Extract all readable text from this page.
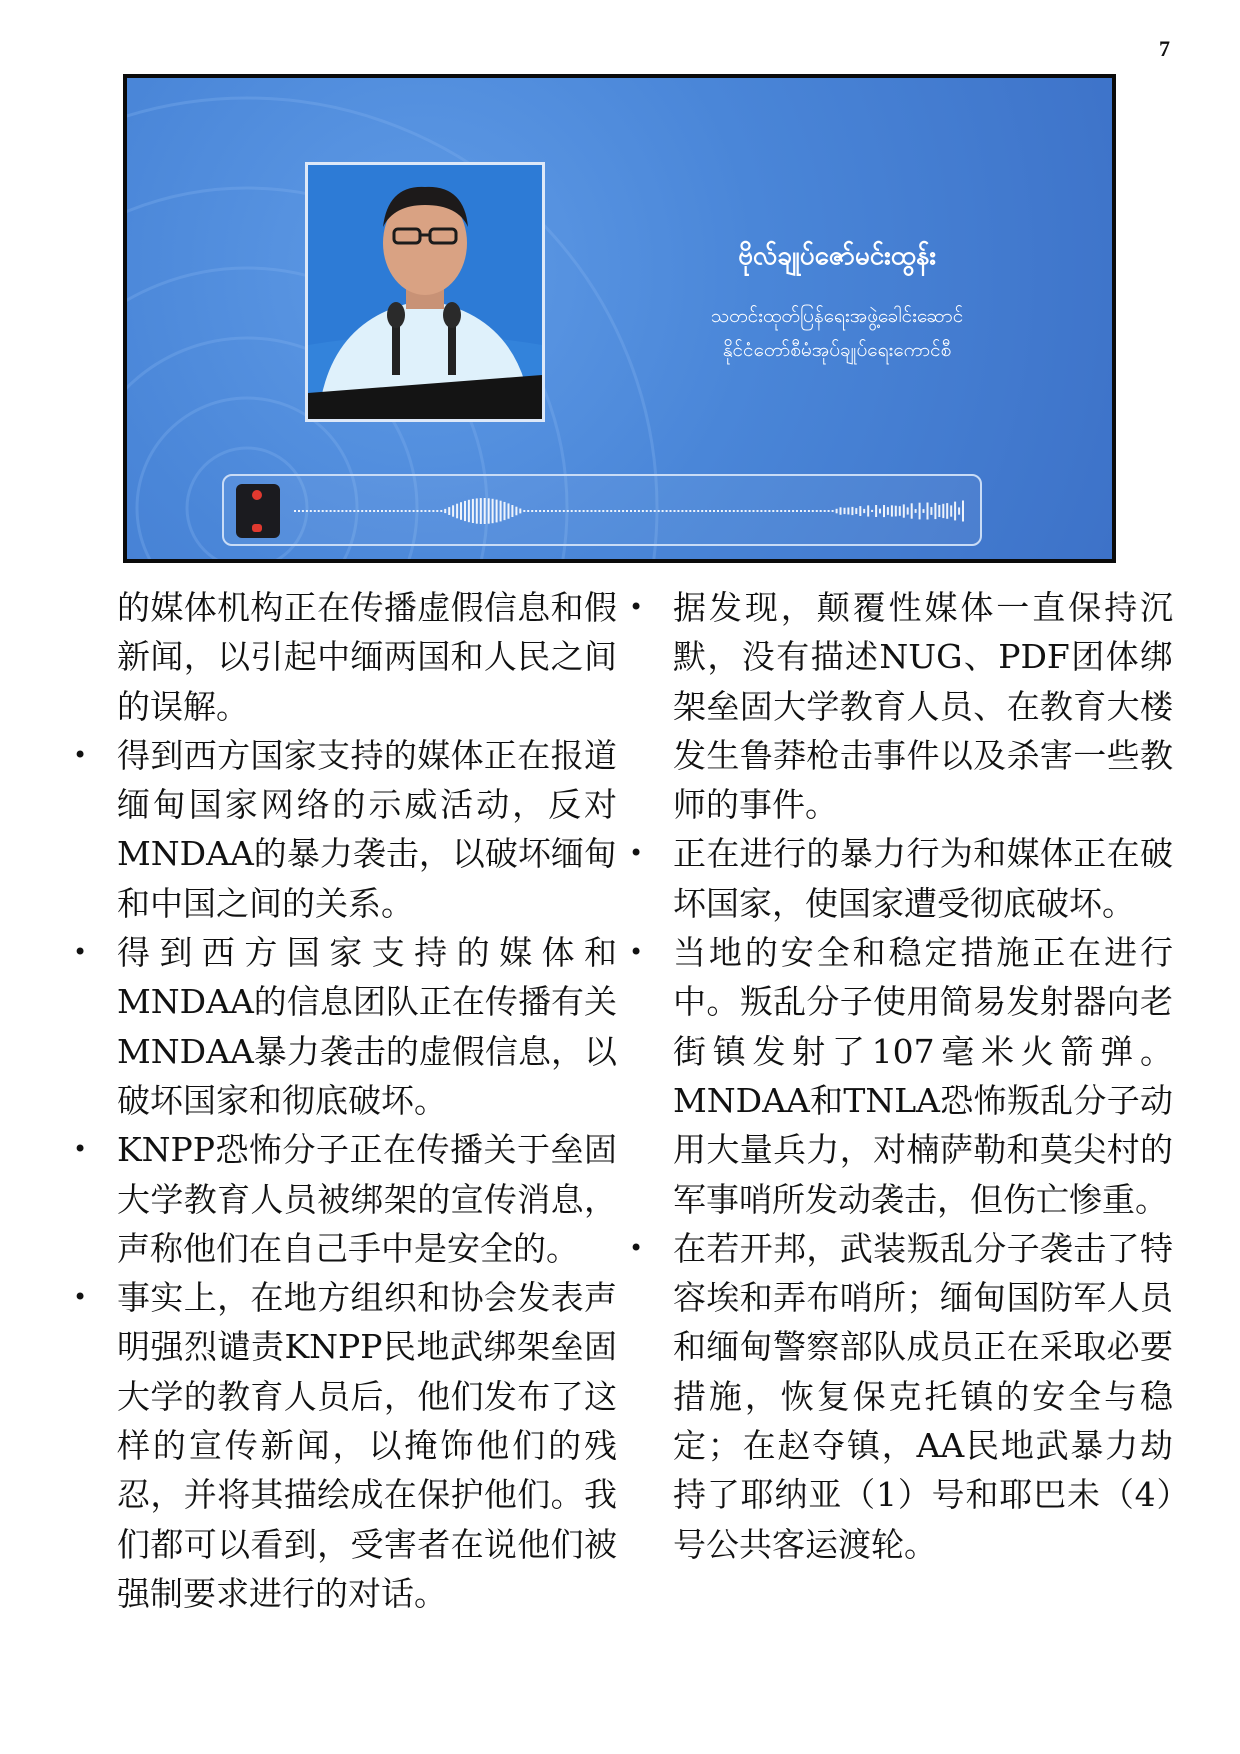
7
ဗိုလ်ချုပ်ဇော်မင်းထွန်း
သတင်းထုတ်ပြန်ရေးအဖွဲ့ခေါင်းဆောင်
နိုင်ငံတော်စီမံအုပ်ချုပ်ရေးကောင်စီ

的媒体机构正在传播虚假信息和假新闻，以引起中缅两国和人民之间的误解。

• 得到西方国家支持的媒体正在报道缅甸国家网络的示威活动，反对MNDAA的暴力袭击，以破坏缅甸和中国之间的关系。

• 得到西方国家支持的媒体和MNDAA的信息团队正在传播有关MNDAA暴力袭击的虚假信息，以破坏国家和彻底破坏。

• KNPP恐怖分子正在传播关于垒固大学教育人员被绑架的宣传消息，声称他们在自己手中是安全的。

• 事实上，在地方组织和协会发表声明强烈谴责KNPP民地武绑架垒固大学的教育人员后，他们发布了这样的宣传新闻，以掩饰他们的残忍，并将其描绘成在保护他们。我们都可以看到，受害者在说他们被强制要求进行的对话。

• 据发现，颠覆性媒体一直保持沉默，没有描述NUG、PDF团体绑架垒固大学教育人员、在教育大楼发生鲁莽枪击事件以及杀害一些教师的事件。

• 正在进行的暴力行为和媒体正在破坏国家，使国家遭受彻底破坏。

• 当地的安全和稳定措施正在进行中。叛乱分子使用简易发射器向老街镇发射了107毫米火箭弹。MNDAA和TNLA恐怖叛乱分子动用大量兵力，对楠萨勒和莫尖村的军事哨所发动袭击，但伤亡惨重。

• 在若开邦，武装叛乱分子袭击了特容埃和弄布哨所；缅甸国防军人员和缅甸警察部队成员正在采取必要措施，恢复保克托镇的安全与稳定；在赵夺镇，AA民地武暴力劫持了耶纳亚（1）号和耶巴未（4）号公共客运渡轮。
